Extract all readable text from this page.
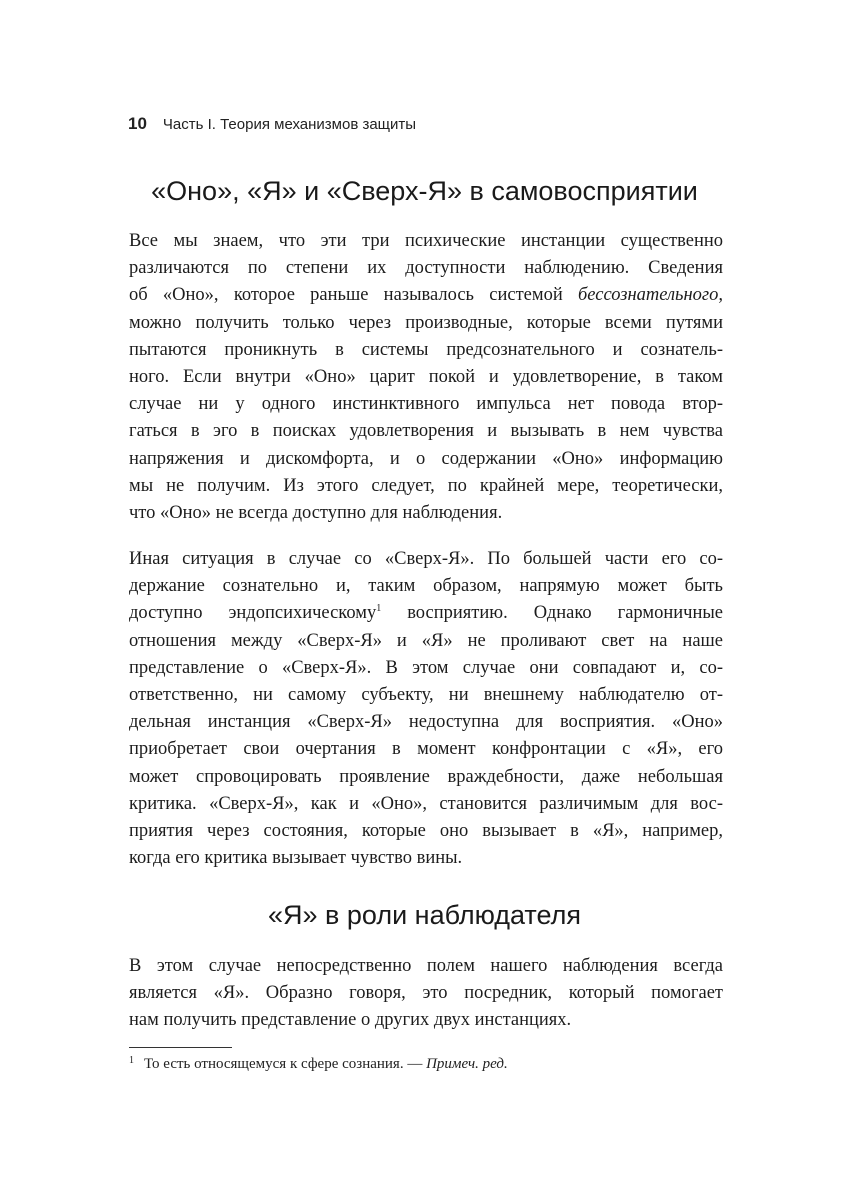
10 Часть I. Теория механизмов защиты
«Оно», «Я» и «Сверх-Я» в самовосприятии
Все мы знаем, что эти три психические инстанции существенно
различаются по степени их доступности наблюдению. Сведения
об «Оно», которое раньше называлось системой бессознательного,
можно получить только через производные, которые всеми путями
пытаются проникнуть в системы предсознательного и сознатель-
ного. Если внутри «Оно» царит покой и удовлетворение, в таком
случае ни у одного инстинктивного импульса нет повода втор-
гаться в эго в поисках удовлетворения и вызывать в нем чувства
напряжения и дискомфорта, и о содержании «Оно» информацию
мы не получим. Из этого следует, по крайней мере, теоретически,
что «Оно» не всегда доступно для наблюдения.
Иная ситуация в случае со «Сверх-Я». По большей части его со-
держание сознательно и, таким образом, напрямую может быть
доступно эндопсихическому$^1$ восприятию. Однако гармоничные
отношения между «Сверх-Я» и «Я» не проливают свет на наше
представление о «Сверх-Я». В этом случае они совпадают и, со-
ответственно, ни самому субъекту, ни внешнему наблюдателю от-
дельная инстанция «Сверх-Я» недоступна для восприятия. «Оно»
приобретает свои очертания в момент конфронтации с «Я», его
может спровоцировать проявление враждебности, даже небольшая
критика. «Сверх-Я», как и «Оно», становится различимым для вос-
приятия через состояния, которые оно вызывает в «Я», например,
когда его критика вызывает чувство вины.
«Я» в роли наблюдателя
В этом случае непосредственно полем нашего наблюдения всегда
является «Я». Образно говоря, это посредник, который помогает
нам получить представление о других двух инстанциях.
$^1$ То есть относящемуся к сфере сознания. — Примеч. ред.
